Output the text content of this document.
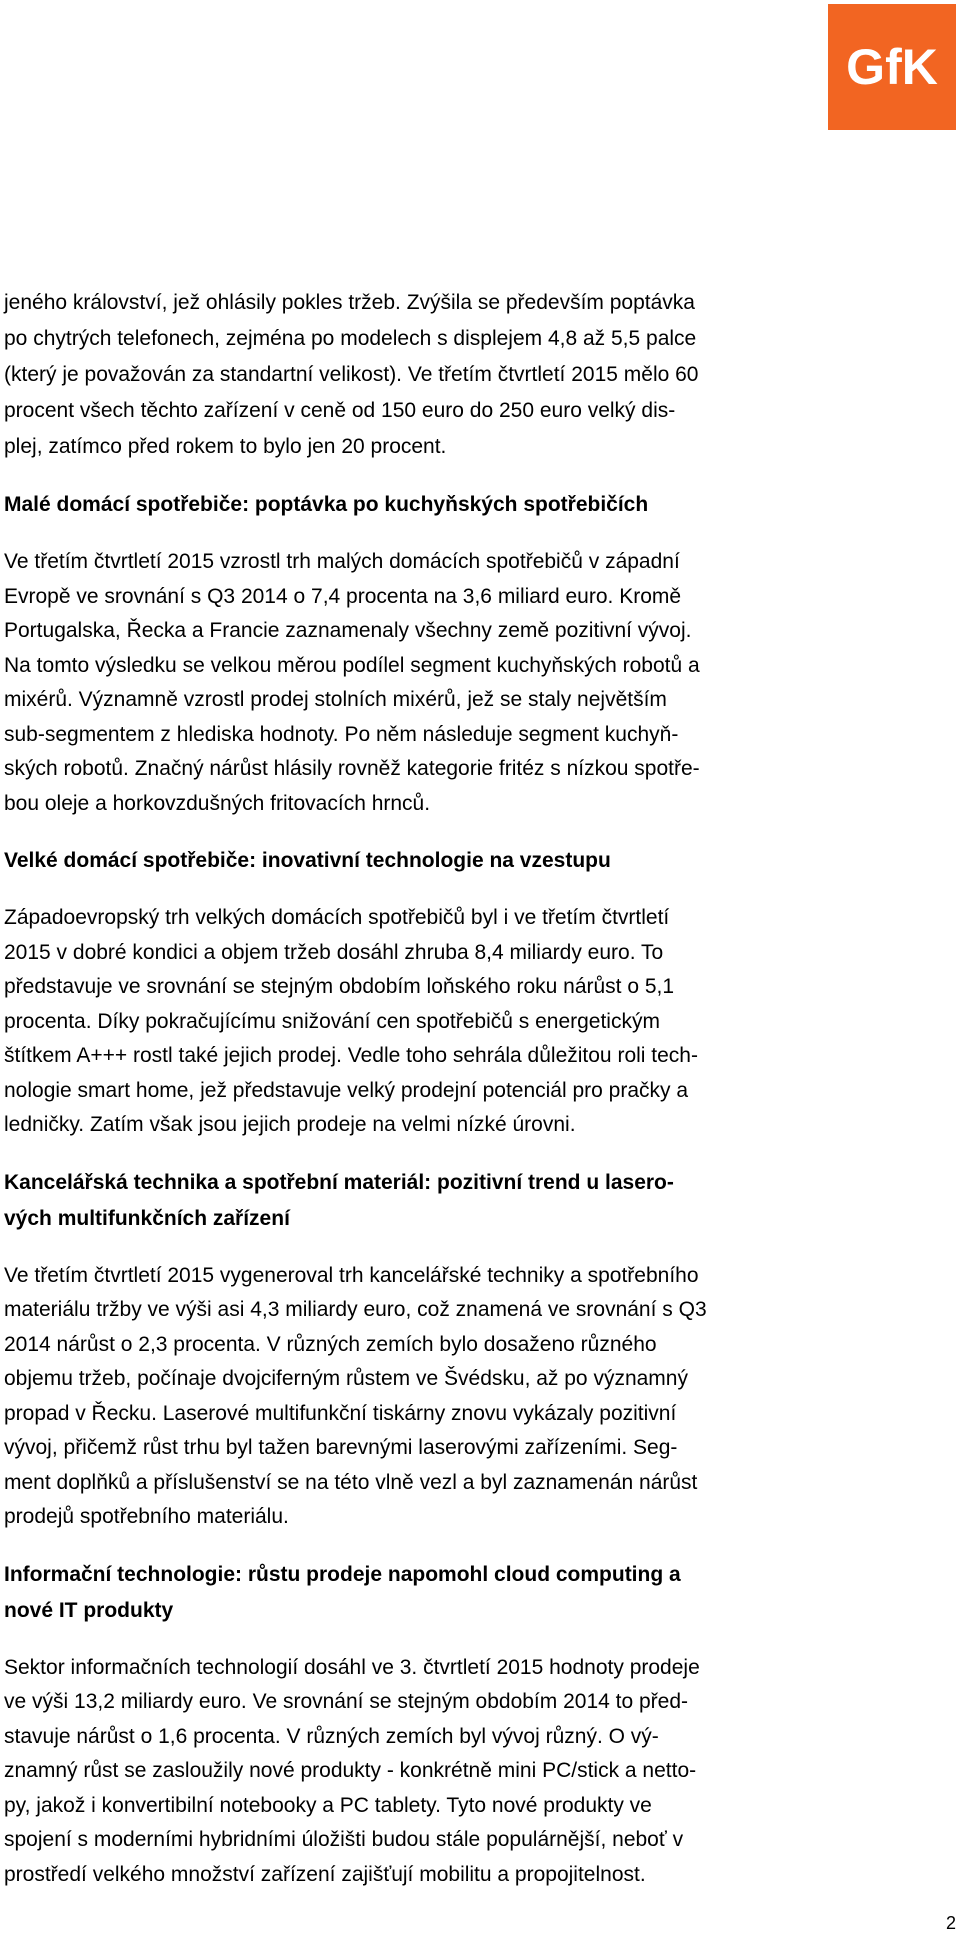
GfK

jeného království, jež ohlásily pokles tržeb. Zvýšila se především poptávka
po chytrých telefonech, zejména po modelech s displejem 4,8 až 5,5 palce
(který je považován za standartní velikost). Ve třetím čtvrtletí 2015 mělo 60
procent všech těchto zařízení v ceně od 150 euro do 250 euro velký dis-
plej, zatímco před rokem to bylo jen 20 procent.

Malé domácí spotřebiče: poptávka po kuchyňských spotřebičích

Ve třetím čtvrtletí 2015 vzrostl trh malých domácích spotřebičů v západní
Evropě ve srovnání s Q3 2014 o 7,4 procenta na 3,6 miliard euro. Kromě
Portugalska, Řecka a Francie zaznamenaly všechny země pozitivní vývoj.
Na tomto výsledku se velkou měrou podílel segment kuchyňských robotů a
mixérů. Významně vzrostl prodej stolních mixérů, jež se staly největším
sub-segmentem z hlediska hodnoty. Po něm následuje segment kuchyň-
ských robotů. Značný nárůst hlásily rovněž kategorie fritéz s nízkou spotře-
bou oleje a horkovzdušných fritovacích hrnců.

Velké domácí spotřebiče: inovativní technologie na vzestupu

Západoevropský trh velkých domácích spotřebičů byl i ve třetím čtvrtletí
2015 v dobré kondici a objem tržeb dosáhl zhruba 8,4 miliardy euro. To
představuje ve srovnání se stejným obdobím loňského roku nárůst o 5,1
procenta. Díky pokračujícímu snižování cen spotřebičů s energetickým
štítkem A+++ rostl také jejich prodej. Vedle toho sehrála důležitou roli tech-
nologie smart home, jež představuje velký prodejní potenciál pro pračky a
ledničky. Zatím však jsou jejich prodeje na velmi nízké úrovni.

Kancelářská technika a spotřební materiál: pozitivní trend u lasero-
vých multifunkčních zařízení

Ve třetím čtvrtletí 2015 vygeneroval trh kancelářské techniky a spotřebního
materiálu tržby ve výši asi 4,3 miliardy euro, což znamená ve srovnání s Q3
2014 nárůst o 2,3 procenta. V různých zemích bylo dosaženo různého
objemu tržeb, počínaje dvojciferným růstem ve Švédsku, až po významný
propad v Řecku. Laserové multifunkční tiskárny znovu vykázaly pozitivní
vývoj, přičemž růst trhu byl tažen barevnými laserovými zařízeními. Seg-
ment doplňků a příslušenství se na této vlně vezl a byl zaznamenán nárůst
prodejů spotřebního materiálu.

Informační technologie: růstu prodeje napomohl cloud computing a
nové IT produkty

Sektor informačních technologií dosáhl ve 3. čtvrtletí 2015 hodnoty prodeje
ve výši 13,2 miliardy euro. Ve srovnání se stejným obdobím 2014 to před-
stavuje nárůst o 1,6 procenta. V různých zemích byl vývoj různý. O vý-
znamný růst se zasloužily nové produkty - konkrétně mini PC/stick a netto-
py, jakož i konvertibilní notebooky a PC tablety. Tyto nové produkty ve
spojení s moderními hybridními úložišti budou stále populárnější, neboť v
prostředí velkého množství zařízení zajišťují mobilitu a propojitelnost.

2
